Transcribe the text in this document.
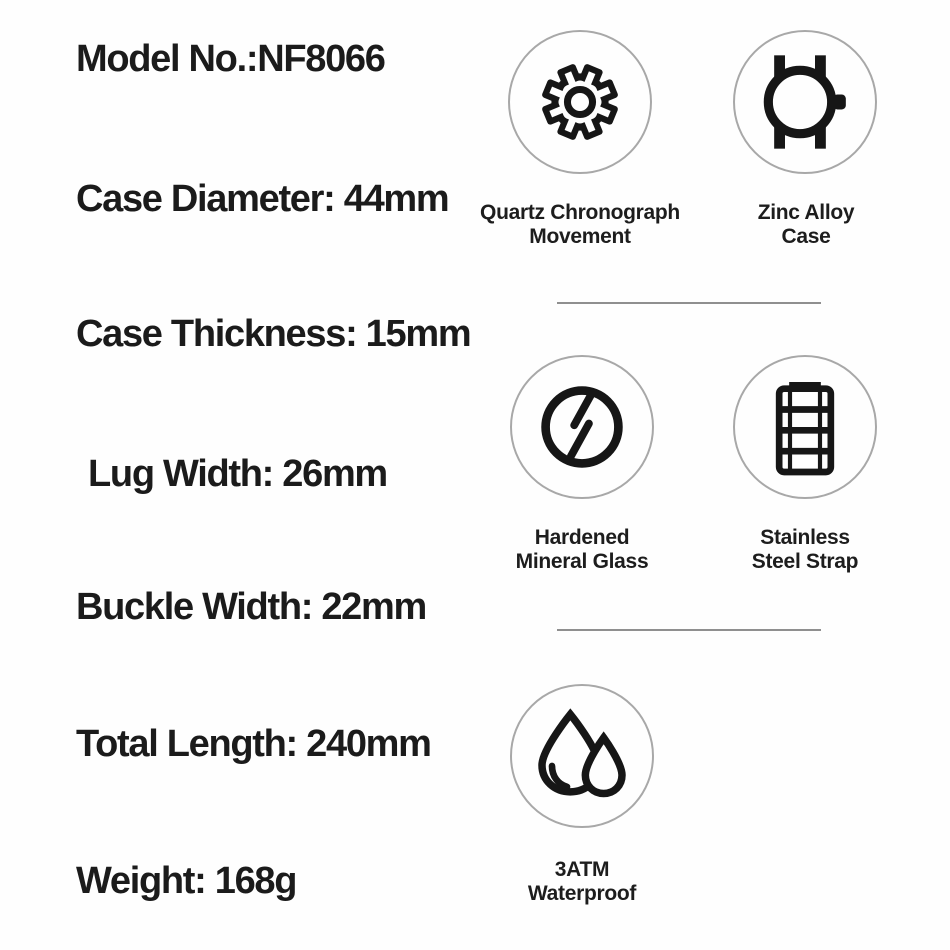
Model No.:NF8066
Case Diameter: 44mm
Case Thickness: 15mm
Lug Width: 26mm
Buckle Width: 22mm
Total Length: 240mm
Weight: 168g
Quartz Chronograph
Movement
Zinc Alloy
Case
Hardened
Mineral Glass
Stainless
Steel Strap
3ATM
Waterproof
